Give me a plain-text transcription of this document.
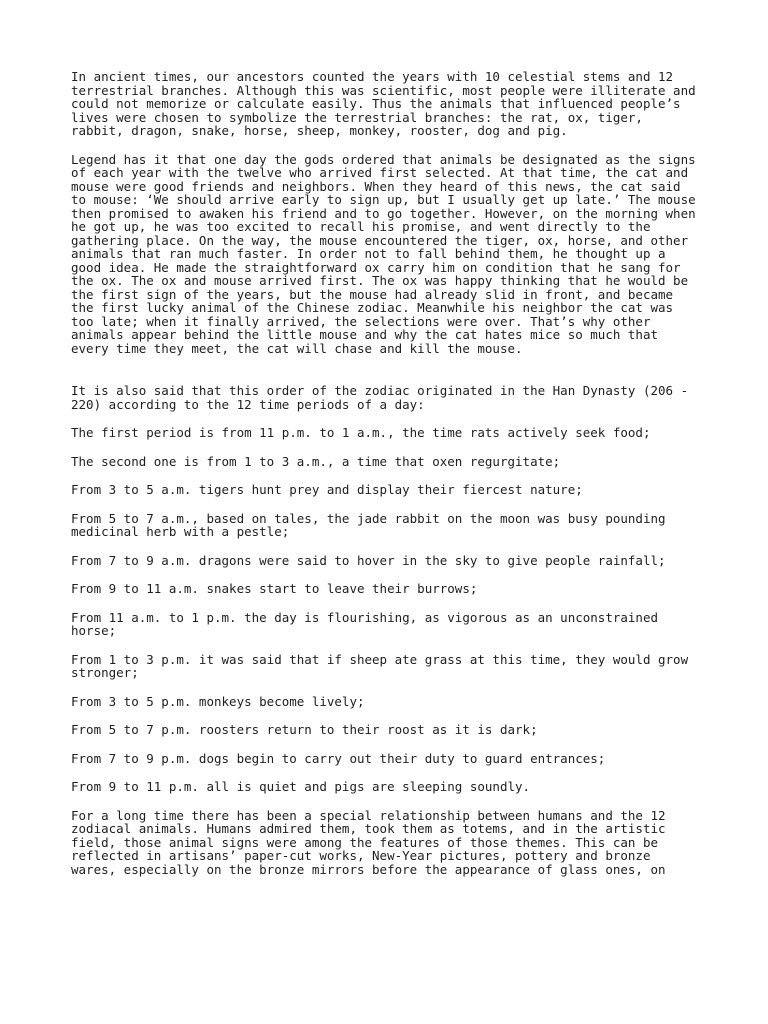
In ancient times, our ancestors counted the years with 10 celestial stems and 12 terrestrial branches. Although this was scientific, most people were illiterate and could not memorize or calculate easily. Thus the animals that influenced people’s lives were chosen to symbolize the terrestrial branches: the rat, ox, tiger, rabbit, dragon, snake, horse, sheep, monkey, rooster, dog and pig.

Legend has it that one day the gods ordered that animals be designated as the signs of each year with the twelve who arrived first selected. At that time, the cat and mouse were good friends and neighbors. When they heard of this news, the cat said to mouse: ‘We should arrive early to sign up, but I usually get up late.’ The mouse then promised to awaken his friend and to go together. However, on the morning when he got up, he was too excited to recall his promise, and went directly to the gathering place. On the way, the mouse encountered the tiger, ox, horse, and other animals that ran much faster. In order not to fall behind them, he thought up a good idea. He made the straightforward ox carry him on condition that he sang for the ox. The ox and mouse arrived first. The ox was happy thinking that he would be the first sign of the years, but the mouse had already slid in front, and became the first lucky animal of the Chinese zodiac. Meanwhile his neighbor the cat was too late; when it finally arrived, the selections were over. That’s why other animals appear behind the little mouse and why the cat hates mice so much that every time they meet, the cat will chase and kill the mouse.

It is also said that this order of the zodiac originated in the Han Dynasty (206 - 220) according to the 12 time periods of a day:

The first period is from 11 p.m. to 1 a.m., the time rats actively seek food;

The second one is from 1 to 3 a.m., a time that oxen regurgitate;

From 3 to 5 a.m. tigers hunt prey and display their fiercest nature;

From 5 to 7 a.m., based on tales, the jade rabbit on the moon was busy pounding medicinal herb with a pestle;

From 7 to 9 a.m. dragons were said to hover in the sky to give people rainfall;

From 9 to 11 a.m. snakes start to leave their burrows;

From 11 a.m. to 1 p.m. the day is flourishing, as vigorous as an unconstrained horse;

From 1 to 3 p.m. it was said that if sheep ate grass at this time, they would grow stronger;

From 3 to 5 p.m. monkeys become lively;

From 5 to 7 p.m. roosters return to their roost as it is dark;

From 7 to 9 p.m. dogs begin to carry out their duty to guard entrances;

From 9 to 11 p.m. all is quiet and pigs are sleeping soundly.

For a long time there has been a special relationship between humans and the 12 zodiacal animals. Humans admired them, took them as totems, and in the artistic field, those animal signs were among the features of those themes. This can be reflected in artisans’ paper-cut works, New-Year pictures, pottery and bronze wares, especially on the bronze mirrors before the appearance of glass ones, on
